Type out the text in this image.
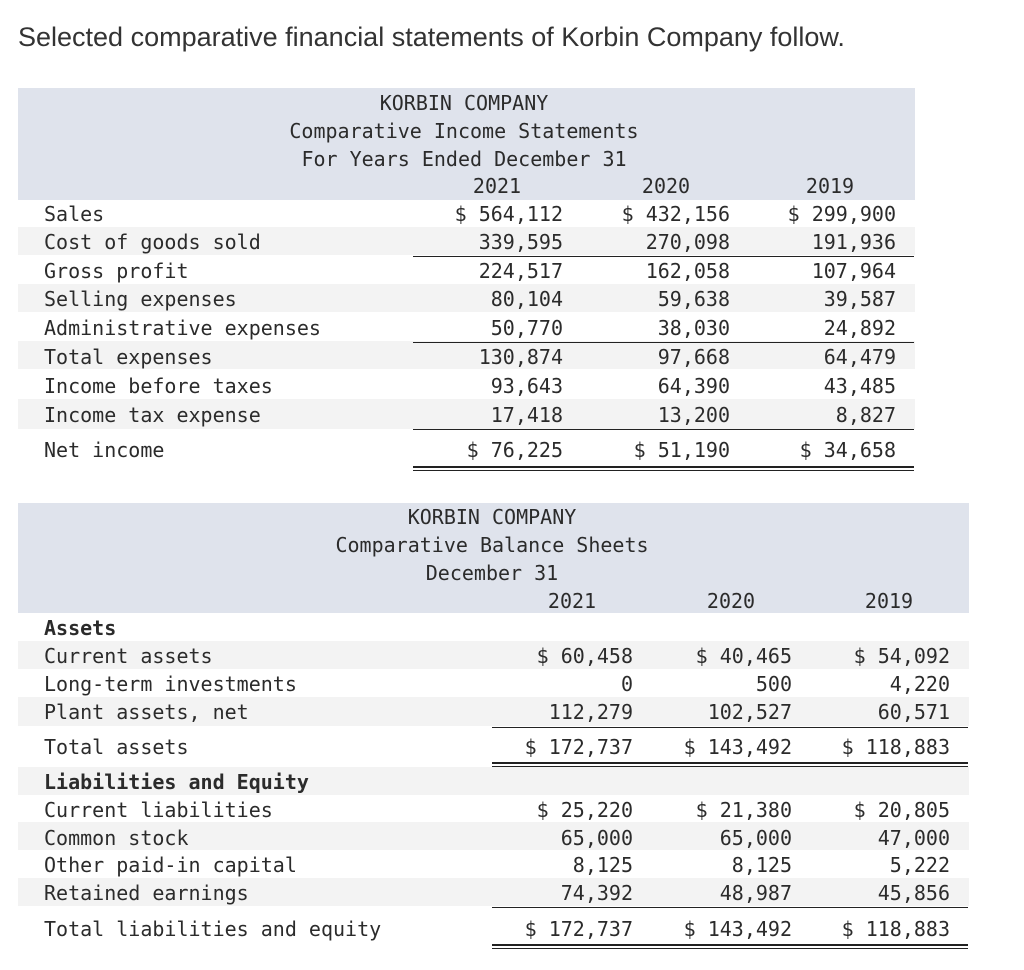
Selected comparative financial statements of Korbin Company follow.
KORBIN COMPANY
Comparative Income Statements
For Years Ended December 31
2021	2020	2019
Sales	$ 564,112	$ 432,156	$ 299,900
Cost of goods sold	339,595	270,098	191,936
Gross profit	224,517	162,058	107,964
Selling expenses	80,104	59,638	39,587
Administrative expenses	50,770	38,030	24,892
Total expenses	130,874	97,668	64,479
Income before taxes	93,643	64,390	43,485
Income tax expense	17,418	13,200	8,827
Net income	$ 76,225	$ 51,190	$ 34,658
KORBIN COMPANY
Comparative Balance Sheets
December 31
2021	2020	2019
Assets
Current assets	$ 60,458	$ 40,465	$ 54,092
Long-term investments	0	500	4,220
Plant assets, net	112,279	102,527	60,571
Total assets	$ 172,737	$ 143,492	$ 118,883
Liabilities and Equity
Current liabilities	$ 25,220	$ 21,380	$ 20,805
Common stock	65,000	65,000	47,000
Other paid-in capital	8,125	8,125	5,222
Retained earnings	74,392	48,987	45,856
Total liabilities and equity	$ 172,737	$ 143,492	$ 118,883
